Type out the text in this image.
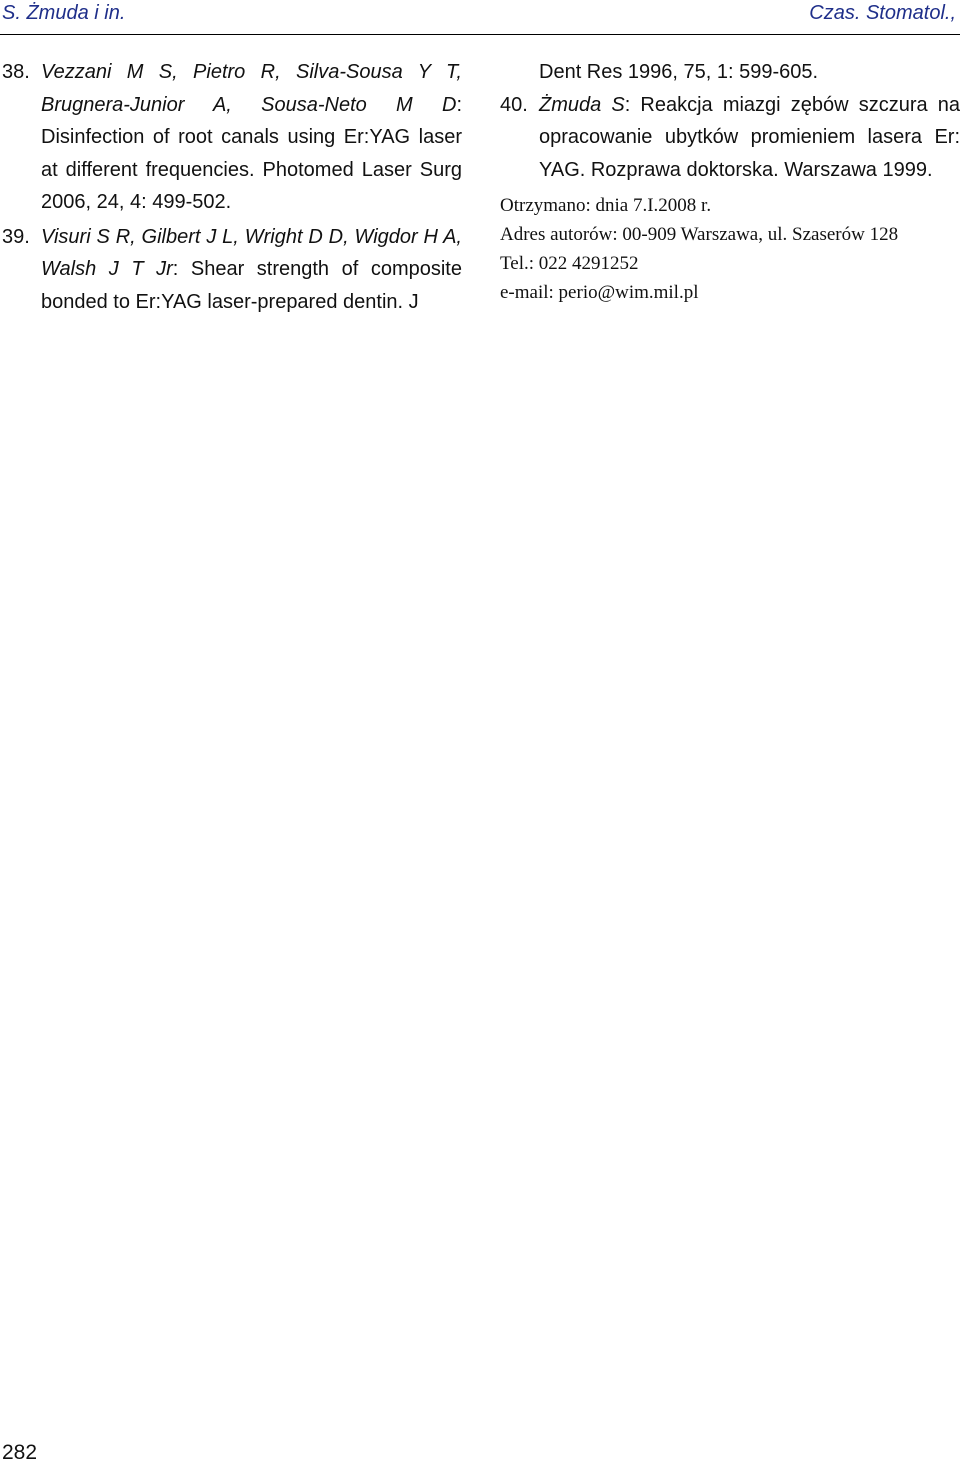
S. Żmuda i in.	Czas. Stomatol.,
38. Vezzani M S, Pietro R, Silva-Sousa Y T, Brugnera-Junior A, Sousa-Neto M D: Disinfection of root canals using Er:YAG laser at different frequencies. Photomed Laser Surg 2006, 24, 4: 499-502.
39. Visuri S R, Gilbert J L, Wright D D, Wigdor H A, Walsh J T Jr: Shear strength of composite bonded to Er:YAG laser-prepared dentin. J
Dent Res 1996, 75, 1: 599-605.
40. Żmuda S: Reakcja miazgi zębów szczura na opracowanie ubytków promieniem lasera Er: YAG. Rozprawa doktorska. Warszawa 1999.
Otrzymano: dnia 7.I.2008 r.
Adres autorów: 00-909 Warszawa, ul. Szaserów 128
Tel.: 022 4291252
e-mail: perio@wim.mil.pl
282
